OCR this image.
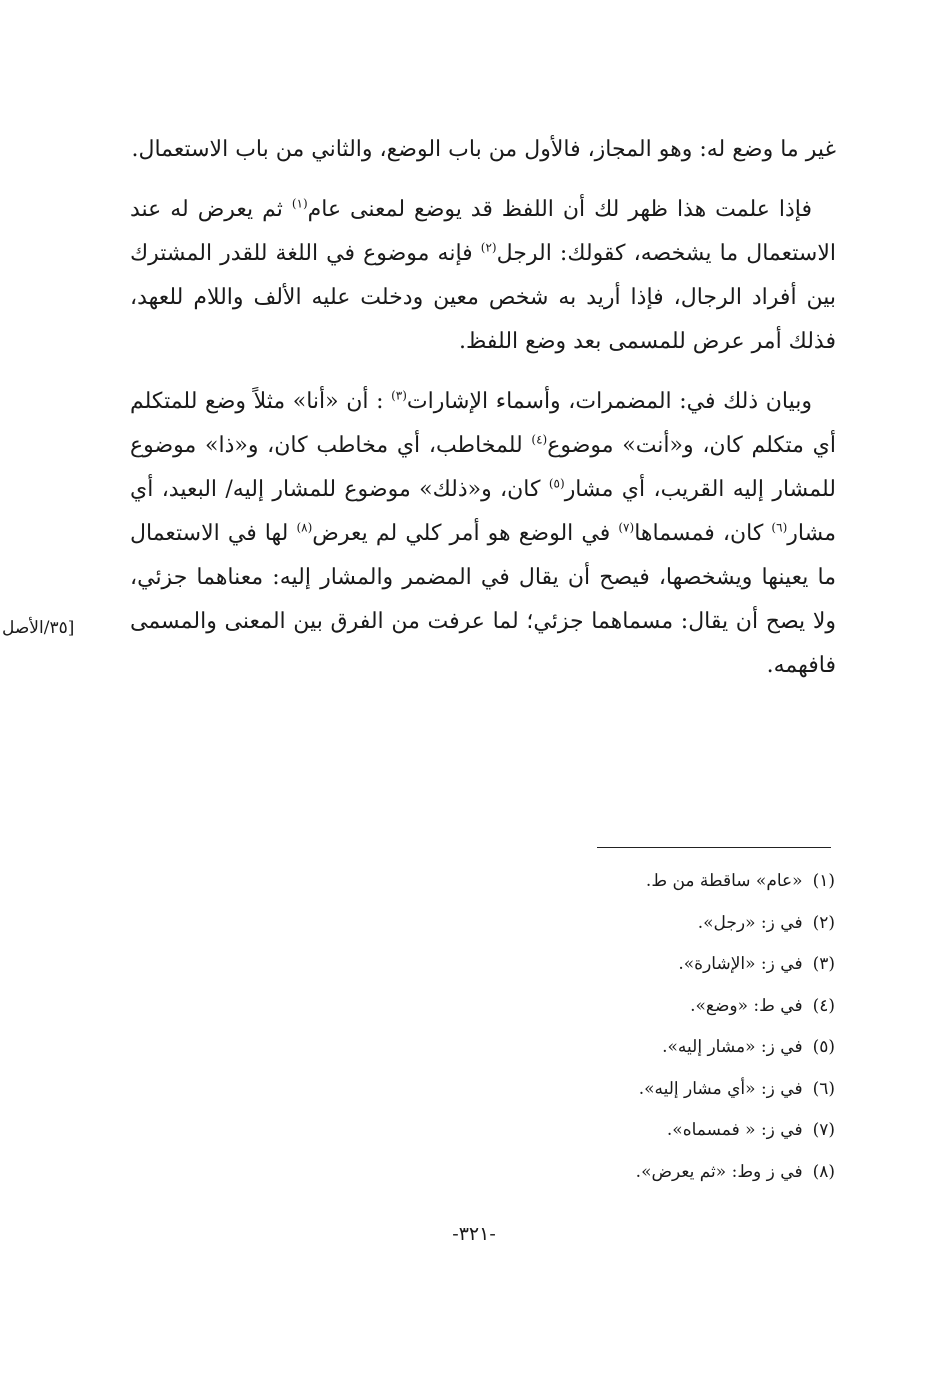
غير ما وضع له: وهو المجاز، فالأول من باب الوضع، والثاني من باب الاستعمال.

فإذا علمت هذا ظهر لك أن اللفظ قد يوضع لمعنى عام$^{(١)}$ ثم يعرض له عند الاستعمال ما يشخصه، كقولك: الرجل$^{(٢)}$ فإنه موضوع في اللغة للقدر المشترك بين أفراد الرجال، فإذا أريد به شخص معين ودخلت عليه الألف واللام للعهد، فذلك أمر عرض للمسمى بعد وضع اللفظ.

وبيان ذلك في: المضمرات، وأسماء الإشارات$^{(٣)}$ : أن «أنا» مثلاً وضع للمتكلم أي متكلم كان، و«أنت» موضوع$^{(٤)}$ للمخاطب، أي مخاطب كان، و«ذا» موضوع للمشار إليه القريب، أي مشار$^{(٥)}$ كان، و«ذلك» موضوع للمشار إليه/ البعيد، أي مشار$^{(٦)}$ كان، فمسماها$^{(٧)}$ في الوضع هو أمر كلي لم يعرض$^{(٨)}$ لها في الاستعمال ما يعينها ويشخصها، فيصح أن يقال في المضمر والمشار إليه: معناهما جزئي، ولا يصح أن يقال: مسماهما جزئي؛ لما عرفت من الفرق بين المعنى والمسمى فافهمه.

[٣٥/الأصل
(١)«عام» ساقطة من ط.
(٢)في ز: «رجل».
(٣)في ز: «الإشارة».
(٤)في ط: «وضع».
(٥)في ز: «مشار إليه».
(٦)في ز: «أي مشار إليه».
(٧)في ز: « فمسماه».
(٨)في ز وط: «ثم يعرض».
-٣٢١-
